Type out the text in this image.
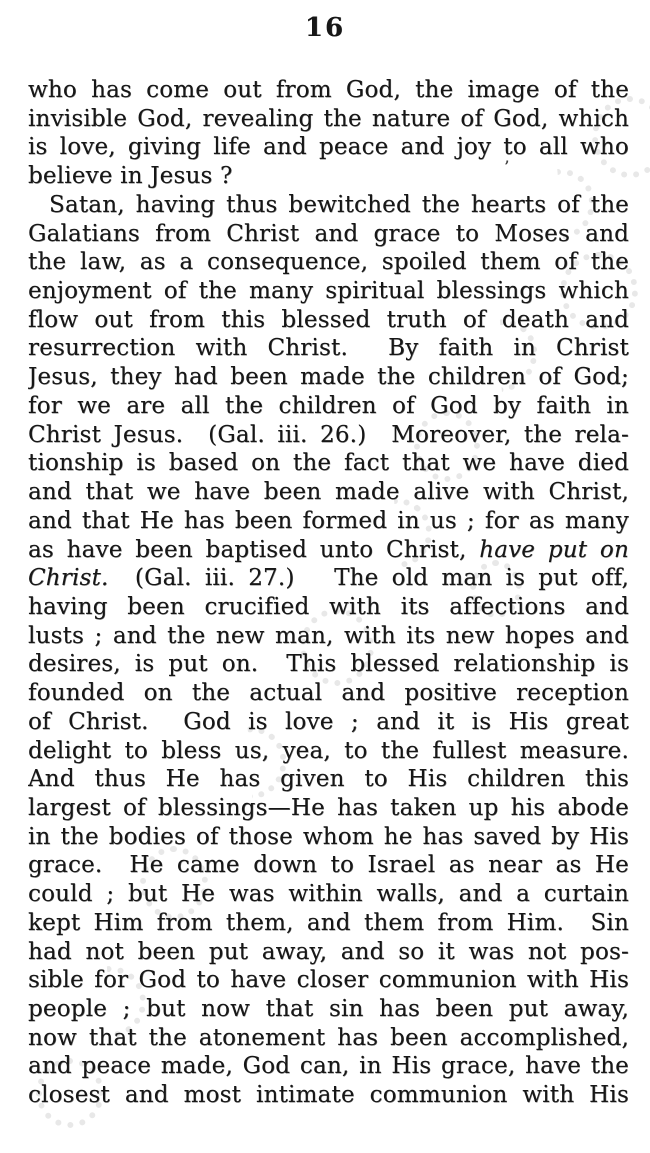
16
who has come out from God, the image of the
invisible God, revealing the nature of God, which
is love, giving life and peace and joy to all who
believe in Jesus ?
Satan, having thus bewitched the hearts of the
Galatians from Christ and grace to Moses and
the law, as a consequence, spoiled them of the
enjoyment of the many spiritual blessings which
flow out from this blessed truth of death and
resurrection with Christ.  By faith in Christ
Jesus, they had been made the children of God;
for we are all the children of God by faith in
Christ Jesus.  (Gal. iii. 26.)  Moreover, the rela-
tionship is based on the fact that we have died
and that we have been made alive with Christ,
and that He has been formed in us ; for as many
as have been baptised unto Christ, have put on
Christ.  (Gal. iii. 27.)   The old man is put off,
having been crucified with its affections and
lusts ; and the new man, with its new hopes and
desires, is put on.  This blessed relationship is
founded on the actual and positive reception
of Christ.  God is love ; and it is His great
delight to bless us, yea, to the fullest measure.
And thus He has given to His children this
largest of blessings—He has taken up his abode
in the bodies of those whom he has saved by His
grace.  He came down to Israel as near as He
could ; but He was within walls, and a curtain
kept Him from them, and them from Him.  Sin
had not been put away, and so it was not pos-
sible for God to have closer communion with His
people ; but now that sin has been put away,
now that the atonement has been accomplished,
and peace made, God can, in His grace, have the
closest and most intimate communion with His
’
